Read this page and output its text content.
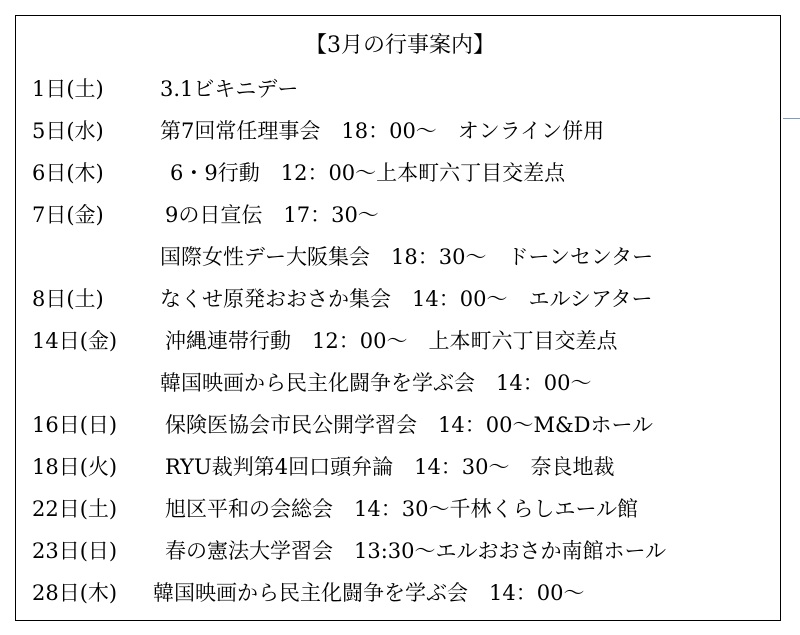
【3月の行事案内】
1日(土)	3.1ビキニデー
5日(水)	第7回常任理事会　18：00～　オンライン併用
6日(木)	6・9行動　12：00～上本町六丁目交差点
7日(金)	9の日宣伝　17：30～
国際女性デー大阪集会　18：30～　ドーンセンター
8日(土)	なくせ原発おおさか集会　14：00～　エルシアター
14日(金) 沖縄連帯行動　12：00～　上本町六丁目交差点
韓国映画から民主化闘争を学ぶ会　14：00～
16日(日) 保険医協会市民公開学習会　14：00～M&Dホール
18日(火) RYU裁判第4回口頭弁論　14：30～　奈良地裁
22日(土) 旭区平和の会総会　14：30～千林くらしエール館
23日(日) 春の憲法大学習会　13:30～エルおおさか南館ホール
28日(木) 韓国映画から民主化闘争を学ぶ会　14：00～
